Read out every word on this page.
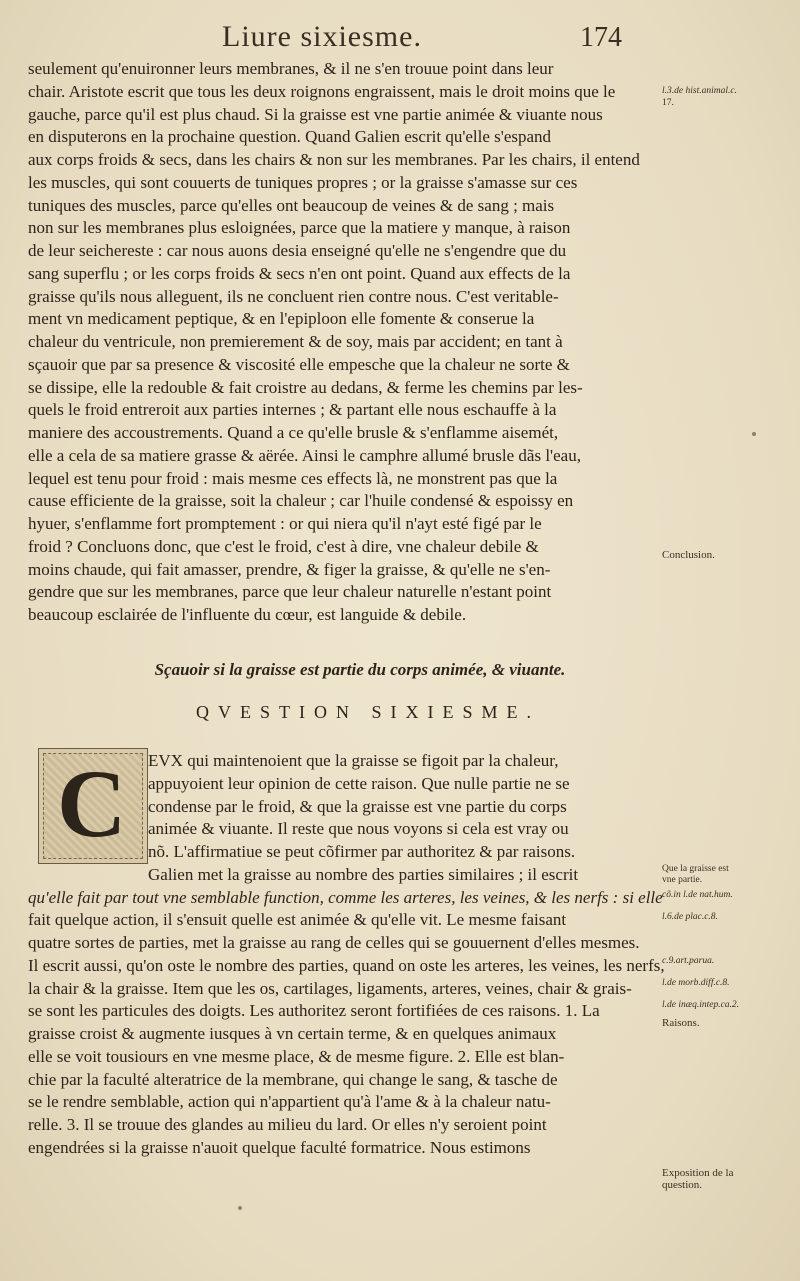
Liure sixiesme.	174
seulement qu'enuironner leurs membranes, & il ne s'en trouue point dans leur
chair. Aristote escrit que tous les deux roignons engraissent, mais le droit moins que le
gauche, parce qu'il est plus chaud. Si la graisse est vne partie animée & viuante nous
en disputerons en la prochaine question. Quand Galien escrit qu'elle s'espand
aux corps froids & secs, dans les chairs & non sur les membranes. Par les chairs, il entend
les muscles, qui sont couuerts de tuniques propres ; or la graisse s'amasse sur ces
tuniques des muscles, parce qu'elles ont beaucoup de veines & de sang ; mais
non sur les membranes plus esloignées, parce que la matiere y manque, à raison
de leur seichereste : car nous auons desia enseigné qu'elle ne s'engendre que du
sang superflu ; or les corps froids & secs n'en ont point. Quand aux effects de la
graisse qu'ils nous alleguent, ils ne concluent rien contre nous. C'est veritable-
ment vn medicament peptique, & en l'epiploon elle fomente & conserue la
chaleur du ventricule, non premierement & de soy, mais par accident; en tant à
sçauoir que par sa presence & viscosité elle empesche que la chaleur ne sorte &
se dissipe, elle la redouble & fait croistre au dedans, & ferme les chemins par les-
quels le froid entreroit aux parties internes ; & partant elle nous eschauffe à la
maniere des accoustrements. Quand a ce qu'elle brusle & s'enflamme aisemét,
elle a cela de sa matiere grasse & aërée. Ainsi le camphre allumé brusle dãs l'eau,
lequel est tenu pour froid : mais mesme ces effects là, ne monstrent pas que la
cause efficiente de la graisse, soit la chaleur ; car l'huile condensé & espoissy en
hyuer, s'enflamme fort promptement : or qui niera qu'il n'ayt esté figé par le
froid ? Concluons donc, que c'est le froid, c'est à dire, vne chaleur debile &
moins chaude, qui fait amasser, prendre, & figer la graisse, & qu'elle ne s'en-
gendre que sur les membranes, parce que leur chaleur naturelle n'estant point
beaucoup esclairée de l'influente du cœur, est languide & debile.
Sçauoir si la graisse est partie du corps animée, & viuante.
QVESTION SIXIESME.
C	EVX qui maintenoient que la graisse se figoit par la chaleur,
appuyoient leur opinion de cette raison. Que nulle partie ne se
condense par le froid, & que la graisse est vne partie du corps
animée & viuante. Il reste que nous voyons si cela est vray ou
nõ. L'affirmatiue se peut cõfirmer par authoritez & par raisons.
Galien met la graisse au nombre des parties similaires ; il escrit
qu'elle fait par tout vne semblable function, comme les arteres, les veines, & les nerfs : si elle
fait quelque action, il s'ensuit quelle est animée & qu'elle vit. Le mesme faisant
quatre sortes de parties, met la graisse au rang de celles qui se gouuernent d'elles mesmes.
Il escrit aussi, qu'on oste le nombre des parties, quand on oste les arteres, les veines, les nerfs,
la chair & la graisse. Item que les os, cartilages, ligaments, arteres, veines, chair & grais-
se sont les particules des doigts. Les authoritez seront fortifiées de ces raisons. 1. La
graisse croist & augmente iusques à vn certain terme, & en quelques animaux
elle se voit tousiours en vne mesme place, & de mesme figure. 2. Elle est blan-
chie par la faculté alteratrice de la membrane, qui change le sang, & tasche de
se le rendre semblable, action qui n'appartient qu'à l'ame & à la chaleur natu-
relle. 3. Il se trouue des glandes au milieu du lard. Or elles n'y seroient point
engendrées si la graisse n'auoit quelque faculté formatrice. Nous estimons
l.3.de hist.animal.c.
17.
Conclusion.
Que la graisse est
vne partie.
cõ.in l.de nat.hum.
l.6.de plac.c.8.
c.9.art.parua.
l.de morb.diff.c.8.
l.de inæq.intep.ca.2.
Raisons.
Exposition de la
question.
